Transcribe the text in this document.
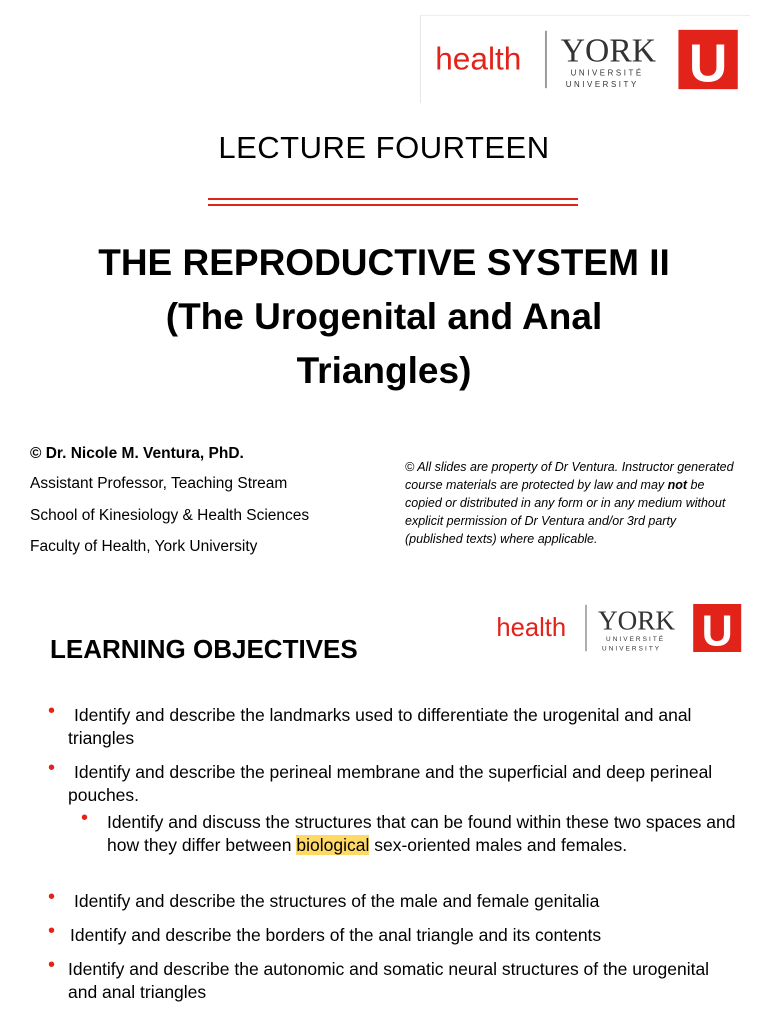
health YORK
UNIVERSITÉ
UNIVERSITY U
LECTURE FOURTEEN
THE REPRODUCTIVE SYSTEM II
(The Urogenital and Anal
Triangles)
© Dr. Nicole M. Ventura, PhD.
Assistant Professor, Teaching Stream
School of Kinesiology & Health Sciences
Faculty of Health, York University
© All slides are property of Dr Ventura. Instructor generated course materials are protected by law and may not be copied or distributed in any form or in any medium without explicit permission of Dr Ventura and/or 3rd party (published texts) where applicable.
health YORK
UNIVERSITÉ
UNIVERSITY U
LEARNING OBJECTIVES
• Identify and describe the landmarks used to differentiate the urogenital and anal triangles
• Identify and describe the perineal membrane and the superficial and deep perineal pouches.
• Identify and discuss the structures that can be found within these two spaces and how they differ between biological sex-oriented males and females.
• Identify and describe the structures of the male and female genitalia
• Identify and describe the borders of the anal triangle and its contents
• Identify and describe the autonomic and somatic neural structures of the urogenital and anal triangles
